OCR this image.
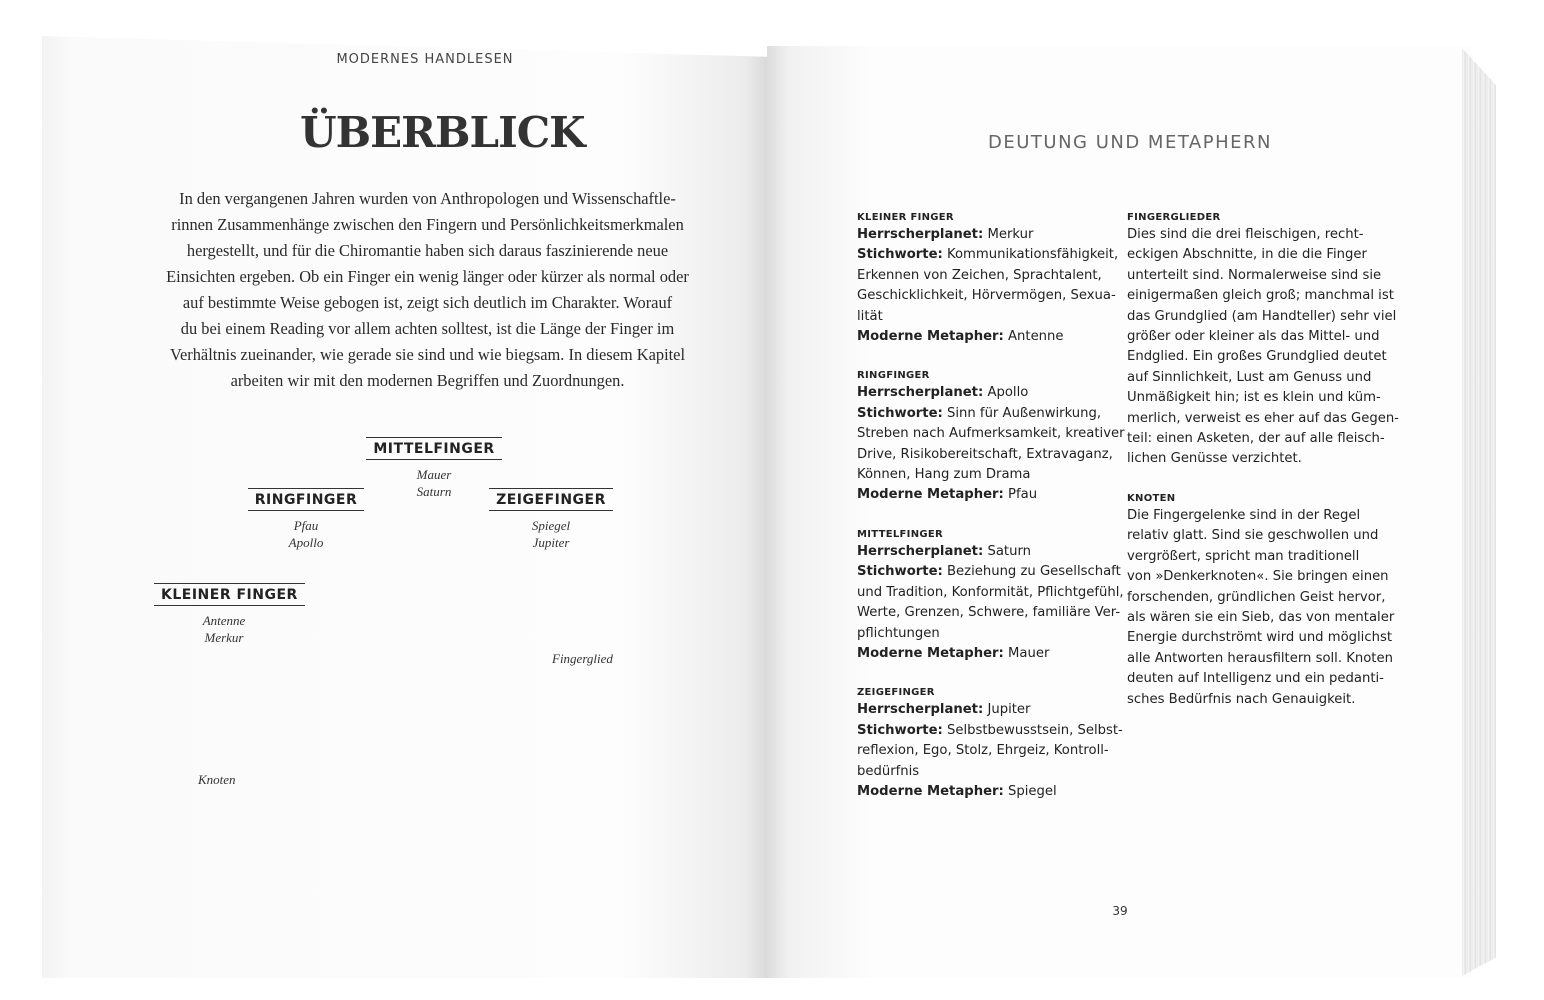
MODERNES HANDLESEN
ÜBERBLICK
In den vergangenen Jahren wurden von Anthropologen und Wissenschaftle-
rinnen Zusammenhänge zwischen den Fingern und Persönlichkeitsmerkmalen
hergestellt, und für die Chiromantie haben sich daraus faszinierende neue
Einsichten ergeben. Ob ein Finger ein wenig länger oder kürzer als normal oder
auf bestimmte Weise gebogen ist, zeigt sich deutlich im Charakter. Worauf
du bei einem Reading vor allem achten solltest, ist die Länge der Finger im
Verhältnis zueinander, wie gerade sie sind und wie biegsam. In diesem Kapitel
arbeiten wir mit den modernen Begriffen und Zuordnungen.
MITTELFINGER
Mauer
Saturn
RINGFINGER
Pfau
Apollo
ZEIGEFINGER
Spiegel
Jupiter
KLEINER FINGER
Antenne
Merkur
Fingerglied
Knoten
DEUTUNG UND METAPHERN
KLEINER FINGER
Herrscherplanet: Merkur
Stichworte: Kommunikationsfähigkeit,
Erkennen von Zeichen, Sprachtalent,
Geschicklichkeit, Hörvermögen, Sexua-
lität
Moderne Metapher: Antenne
RINGFINGER
Herrscherplanet: Apollo
Stichworte: Sinn für Außenwirkung,
Streben nach Aufmerksamkeit, kreativer
Drive, Risikobereitschaft, Extravaganz,
Können, Hang zum Drama
Moderne Metapher: Pfau
MITTELFINGER
Herrscherplanet: Saturn
Stichworte: Beziehung zu Gesellschaft
und Tradition, Konformität, Pflichtgefühl,
Werte, Grenzen, Schwere, familiäre Ver-
pflichtungen
Moderne Metapher: Mauer
ZEIGEFINGER
Herrscherplanet: Jupiter
Stichworte: Selbstbewusstsein, Selbst-
reflexion, Ego, Stolz, Ehrgeiz, Kontroll-
bedürfnis
Moderne Metapher: Spiegel
FINGERGLIEDER
Dies sind die drei fleischigen, recht-
eckigen Abschnitte, in die die Finger
unterteilt sind. Normalerweise sind sie
einigermaßen gleich groß; manchmal ist
das Grundglied (am Handteller) sehr viel
größer oder kleiner als das Mittel- und
Endglied. Ein großes Grundglied deutet
auf Sinnlichkeit, Lust am Genuss und
Unmäßigkeit hin; ist es klein und küm-
merlich, verweist es eher auf das Gegen-
teil: einen Asketen, der auf alle fleisch-
lichen Genüsse verzichtet.
KNOTEN
Die Fingergelenke sind in der Regel
relativ glatt. Sind sie geschwollen und
vergrößert, spricht man traditionell
von »Denkerknoten«. Sie bringen einen
forschenden, gründlichen Geist hervor,
als wären sie ein Sieb, das von mentaler
Energie durchströmt wird und möglichst
alle Antworten herausfiltern soll. Knoten
deuten auf Intelligenz und ein pedanti-
sches Bedürfnis nach Genauigkeit.
39
